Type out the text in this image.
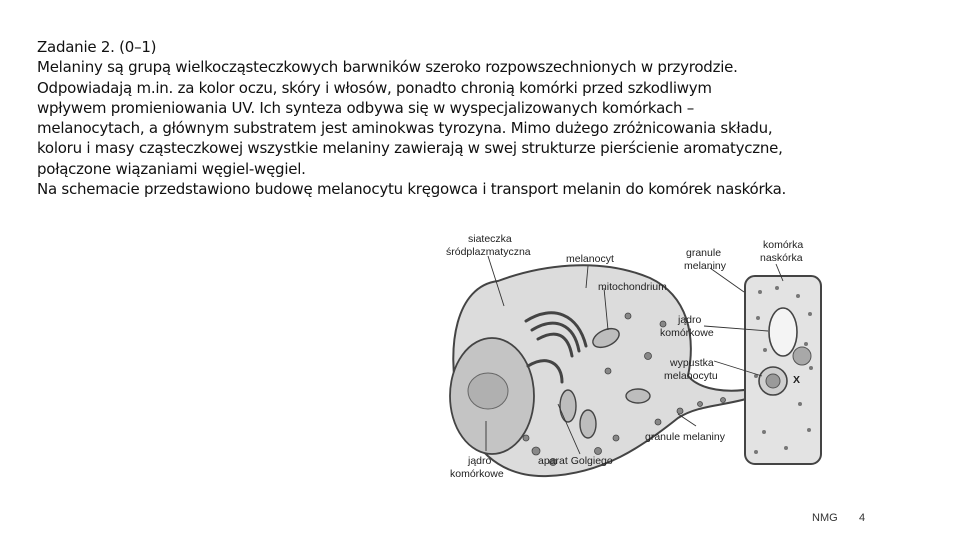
Zadanie 2. (0–1)

Melaniny są grupą wielkocząsteczkowych barwników szeroko rozpowszechnionych w przyrodzie.

Odpowiadają m.in. za kolor oczu, skóry i włosów, ponadto chronią komórki przed szkodliwym

wpływem promieniowania UV. Ich synteza odbywa się w wyspecjalizowanych komórkach –

melanocytach, a głównym substratem jest aminokwas tyrozyna. Mimo dużego zróżnicowania składu,

koloru i masy cząsteczkowej wszystkie melaniny zawierają w swej strukturze pierścienie aromatyczne,

połączone wiązaniami węgiel-węgiel.

Na schemacie przedstawiono budowę melanocytu kręgowca i transport melanin do komórek naskórka.

siateczka
śródplazmatyczna
melanocyt	granule
melaniny
komórka
naskórka
mitochondrium
jądro
komórkowe
wypustka
melanocytu	X
granule melaniny
jądro
komórkowe
aparat Golgiego
NMG 4
